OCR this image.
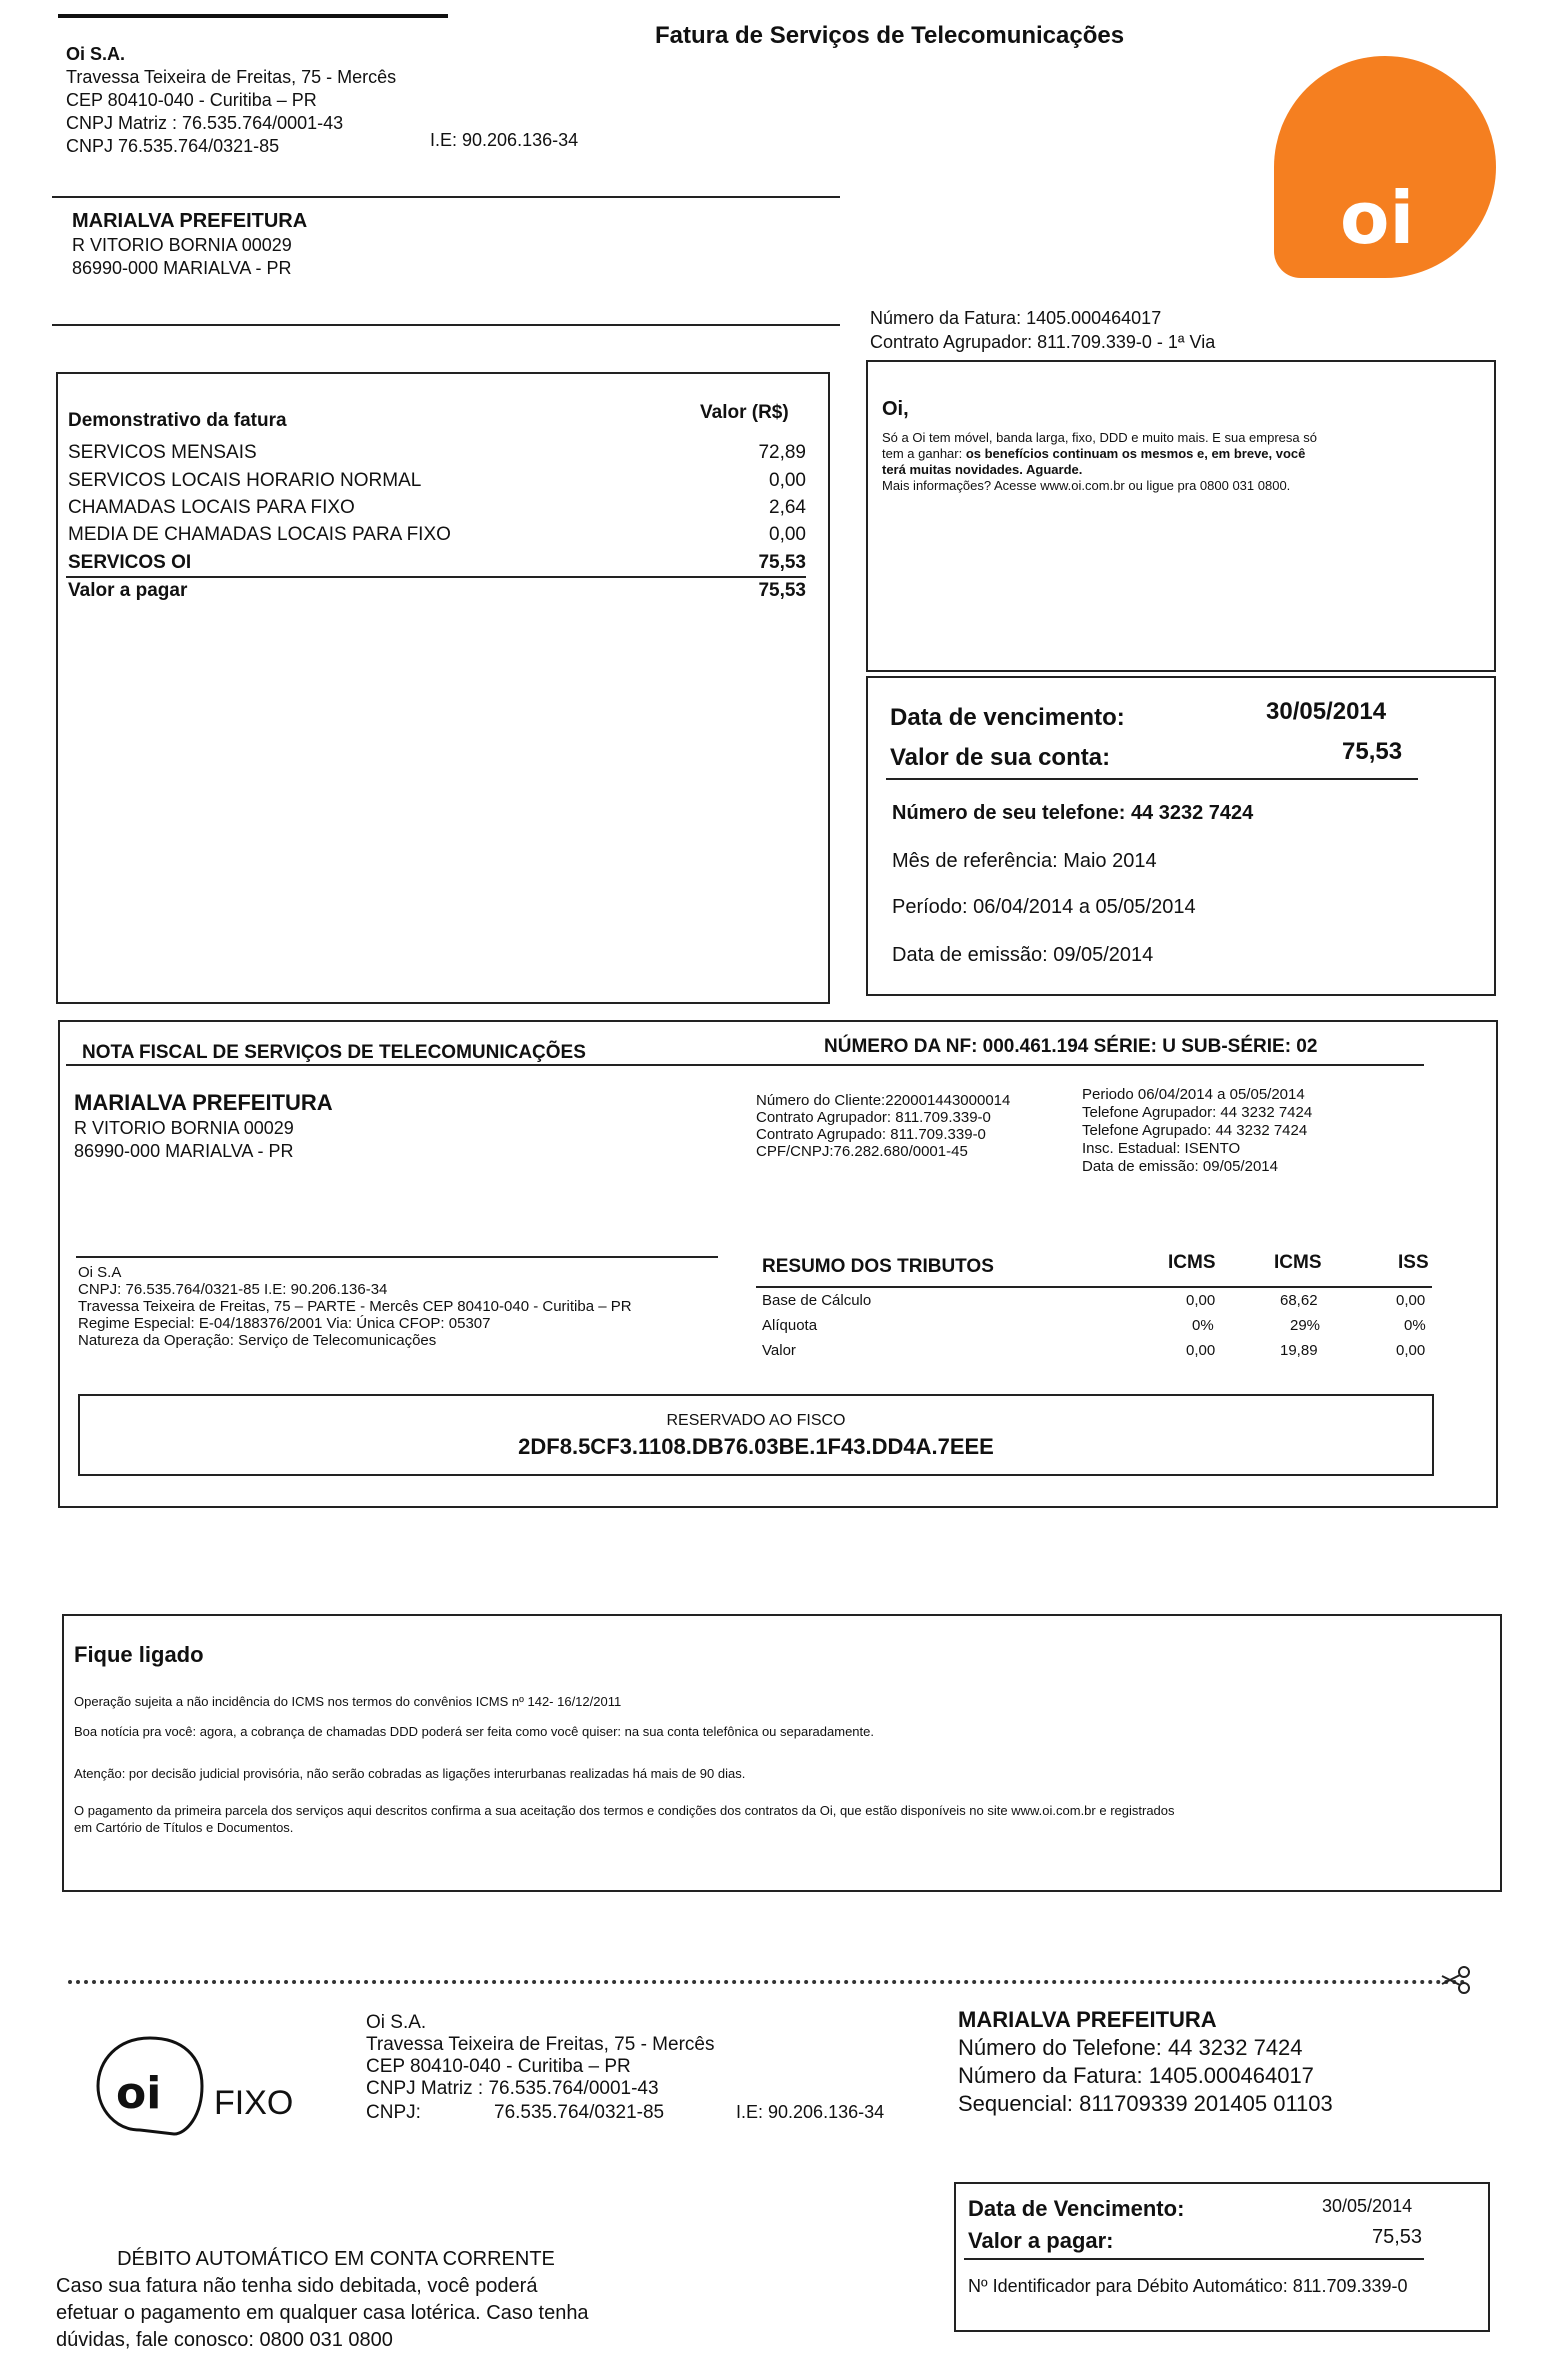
Fatura de Serviços de Telecomunicações
Oi S.A.
Travessa Teixeira de Freitas, 75 - Mercês
CEP 80410-040 - Curitiba – PR
CNPJ Matriz : 76.535.764/0001-43
CNPJ 76.535.764/0321-85	I.E: 90.206.136-34
oi
MARIALVA PREFEITURA
R VITORIO BORNIA 00029
86990-000 MARIALVA - PR
Número da Fatura: 1405.000464017
Contrato Agrupador: 811.709.339-0 - 1ª Via
Demonstrativo da fatura	Valor (R$)
SERVICOS MENSAIS	72,89
SERVICOS LOCAIS HORARIO NORMAL	0,00
CHAMADAS LOCAIS PARA FIXO	2,64
MEDIA DE CHAMADAS LOCAIS PARA FIXO	0,00
SERVICOS OI	75,53
Valor a pagar	75,53
Oi,
Só a Oi tem móvel, banda larga, fixo, DDD e muito mais. E sua empresa só
tem a ganhar: os benefícios continuam os mesmos e, em breve, você
terá muitas novidades. Aguarde.
Mais informações? Acesse www.oi.com.br ou ligue pra 0800 031 0800.
Data de vencimento:	30/05/2014
Valor de sua conta:	75,53
Número de seu telefone: 44 3232 7424
Mês de referência: Maio 2014
Período: 06/04/2014 a 05/05/2014
Data de emissão: 09/05/2014
NOTA FISCAL DE SERVIÇOS DE TELECOMUNICAÇÕES	NÚMERO DA NF: 000.461.194 SÉRIE: U SUB-SÉRIE: 02
MARIALVA PREFEITURA
R VITORIO BORNIA 00029
86990-000 MARIALVA - PR
Número do Cliente:220001443000014
Contrato Agrupador: 811.709.339-0
Contrato Agrupado: 811.709.339-0
CPF/CNPJ:76.282.680/0001-45
Periodo 06/04/2014 a 05/05/2014
Telefone Agrupador: 44 3232 7424
Telefone Agrupado: 44 3232 7424
Insc. Estadual: ISENTO
Data de emissão: 09/05/2014
Oi S.A
CNPJ: 76.535.764/0321-85 I.E: 90.206.136-34
Travessa Teixeira de Freitas, 75 – PARTE - Mercês CEP 80410-040 - Curitiba – PR
Regime Especial: E-04/188376/2001 Via: Única CFOP: 05307
Natureza da Operação: Serviço de Telecomunicações
RESUMO DOS TRIBUTOS	ICMS	ICMS	ISS
Base de Cálculo	0,00	68,62	0,00
Alíquota	0%	29%	0%
Valor	0,00	19,89	0,00
RESERVADO AO FISCO
2DF8.5CF3.1108.DB76.03BE.1F43.DD4A.7EEE
Fique ligado
Operação sujeita a não incidência do ICMS nos termos do convênios ICMS nº 142- 16/12/2011
Boa notícia pra você: agora, a cobrança de chamadas DDD poderá ser feita como você quiser: na sua conta telefônica ou separadamente.
Atenção: por decisão judicial provisória, não serão cobradas as ligações interurbanas realizadas há mais de 90 dias.
O pagamento da primeira parcela dos serviços aqui descritos confirma a sua aceitação dos termos e condições dos contratos da Oi, que estão disponíveis no site www.oi.com.br e registrados
em Cartório de Títulos e Documentos.
oi FIXO
Oi S.A.
Travessa Teixeira de Freitas, 75 - Mercês
CEP 80410-040 - Curitiba – PR
CNPJ Matriz : 76.535.764/0001-43
CNPJ:	76.535.764/0321-85	I.E: 90.206.136-34
MARIALVA PREFEITURA
Número do Telefone: 44 3232 7424
Número da Fatura: 1405.000464017
Sequencial: 811709339 201405 01103
DÉBITO AUTOMÁTICO EM CONTA CORRENTE
Caso sua fatura não tenha sido debitada, você poderá
efetuar o pagamento em qualquer casa lotérica. Caso tenha
dúvidas, fale conosco: 0800 031 0800
Data de Vencimento:	30/05/2014
Valor a pagar:	75,53
Nº Identificador para Débito Automático: 811.709.339-0
